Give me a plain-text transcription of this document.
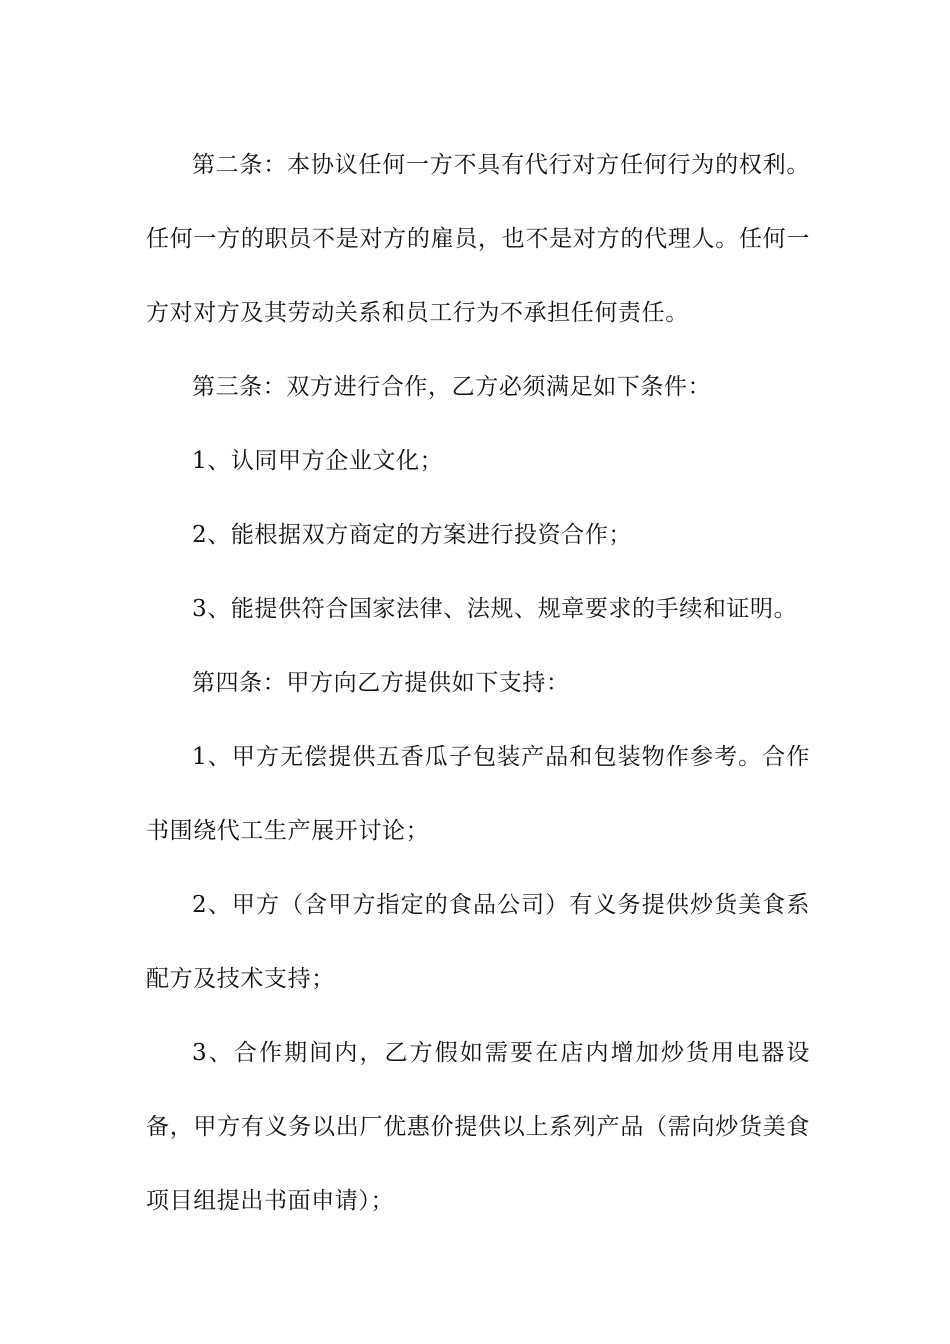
第二条：本协议任何一方不具有代行对方任何行为的权利。任何一方的职员不是对方的雇员，也不是对方的代理人。任何一方对对方及其劳动关系和员工行为不承担任何责任。

第三条：双方进行合作，乙方必须满足如下条件：

1、认同甲方企业文化；

2、能根据双方商定的方案进行投资合作；

3、能提供符合国家法律、法规、规章要求的手续和证明。

第四条：甲方向乙方提供如下支持：

1、甲方无偿提供五香瓜子包装产品和包装物作参考。合作书围绕代工生产展开讨论；

2、甲方（含甲方指定的食品公司）有义务提供炒货美食系配方及技术支持；

3、合作期间内，乙方假如需要在店内增加炒货用电器设备，甲方有义务以出厂优惠价提供以上系列产品（需向炒货美食项目组提出书面申请）；
